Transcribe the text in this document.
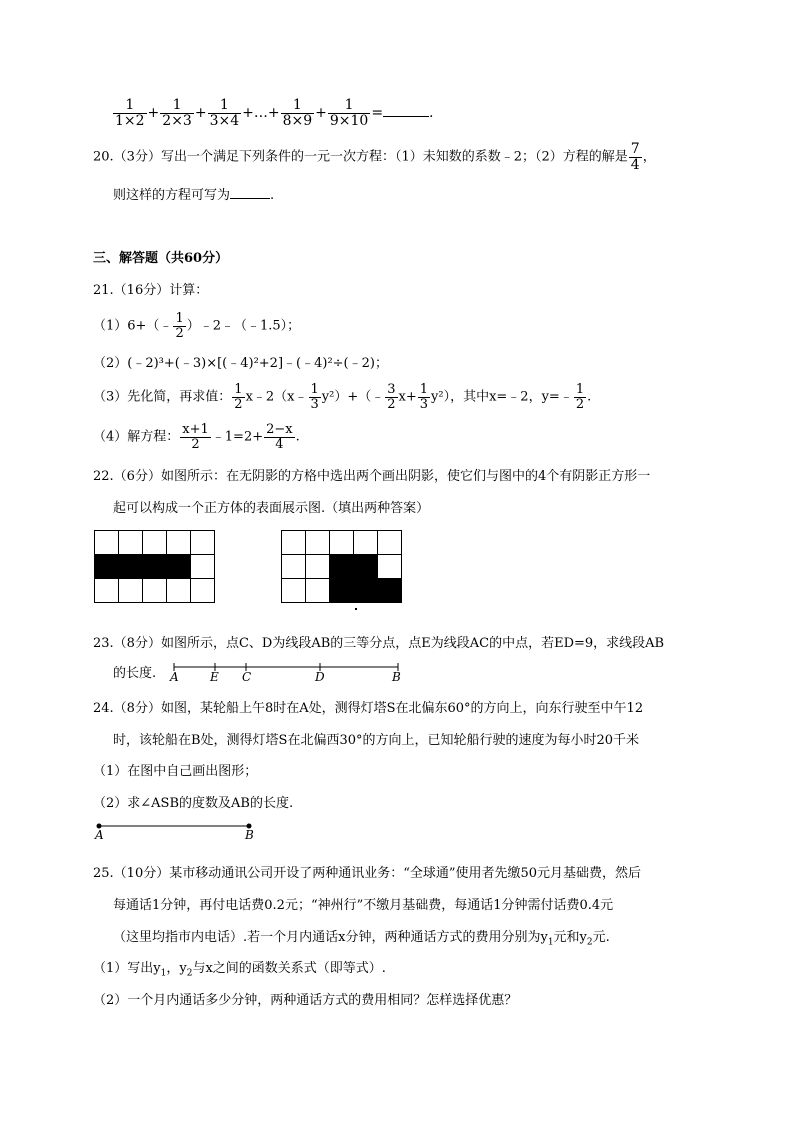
$\frac{1}{1\times 2} + \frac{1}{2\times 3} + \frac{1}{3\times 4}$ +…+ $\frac{1}{8\times 9} + \frac{1}{9\times 10}$ =	.
20.（3分）写出一个满足下列条件的一元一次方程：（1）未知数的系数﹣2；（2）方程的解是 $\frac{7}{4}$ ，
则这样的方程可写为	.
三、解答题（共60分）
21.（16分）计算：
（1）6+（﹣ $\frac{1}{2}$ ）﹣2﹣（﹣1.5）；
（2）(﹣2)³+(﹣3)×[(﹣4)²+2]﹣(﹣4)²÷(﹣2)；
（3）先化简，再求值： $\frac{1}{2}$ x﹣2（x﹣ $\frac{1}{3}$ y²）+（﹣ $\frac{3}{2} x+ \frac{1}{3} y^2$），其中x=﹣2，y=﹣ $\frac{1}{2}$ .
（4）解方程： $\frac{x+1}{2}$ ﹣1=2+ $\frac{2-x}{4}$ .
22.（6分）如图所示：在无阴影的方格中选出两个画出阴影，使它们与图中的4个有阴影正方形一
起可以构成一个正方体的表面展示图.（填出两种答案）
23.（8分）如图所示，点C、D为线段AB的三等分点，点E为线段AC的中点，若ED=9，求线段AB
的长度. A	E C	D	B
24.（8分）如图，某轮船上午8时在A处，测得灯塔S在北偏东60°的方向上，向东行驶至中午12
时，该轮船在B处，测得灯塔S在北偏西30°的方向上，已知轮船行驶的速度为每小时20千米
（1）在图中自己画出图形；
（2）求∠ASB的度数及AB的长度.
A	B
25.（10分）某市移动通讯公司开设了两种通讯业务：“全球通”使用者先缴50元月基础费，然后
每通话1分钟，再付电话费0.2元；“神州行”不缴月基础费，每通话1分钟需付话费0.4元
（这里均指市内电话）.若一个月内通话x分钟，两种通话方式的费用分别为$y_1$元和$y_2$元.
（1）写出$y_1$，$y_2$与x之间的函数关系式（即等式）.
（2）一个月内通话多少分钟，两种通话方式的费用相同？怎样选择优惠？
